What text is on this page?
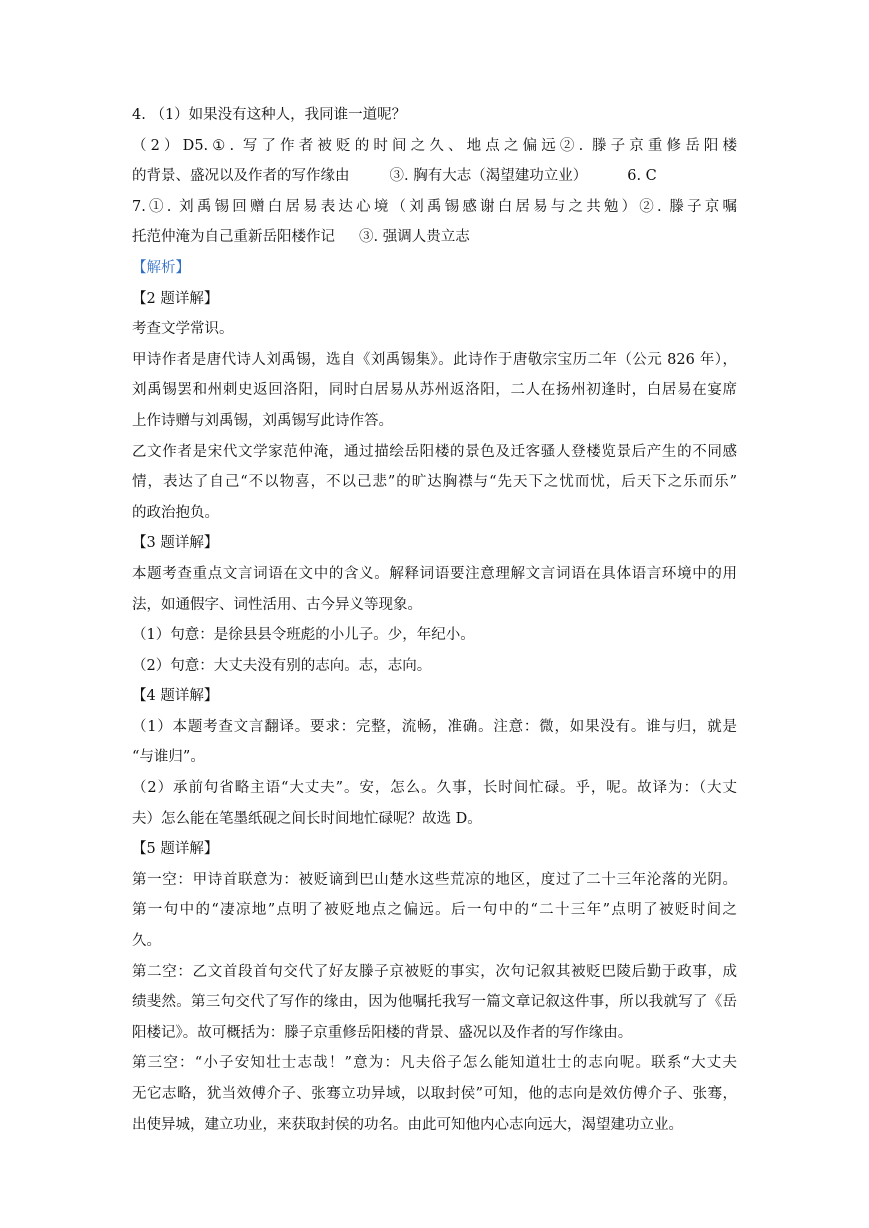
4. （1）如果没有这种人，我同谁一道呢？

（2）D5.①. 写了作者被贬的时间之久、地点之偏远②. 滕子京重修岳阳楼

的背景、盛况以及作者的写作缘由	③. 胸有大志（渴望建功立业）	6. C

7.①. 刘禹锡回赠白居易表达心境（刘禹锡感谢白居易与之共勉）②. 滕子京嘱

托范仲淹为自己重新岳阳楼作记 ③. 强调人贵立志

【解析】

【2 题详解】

考查文学常识。

甲诗作者是唐代诗人刘禹锡，选自《刘禹锡集》。此诗作于唐敬宗宝历二年（公元 826 年），

刘禹锡罢和州刺史返回洛阳，同时白居易从苏州返洛阳，二人在扬州初逢时，白居易在宴席

上作诗赠与刘禹锡，刘禹锡写此诗作答。

乙文作者是宋代文学家范仲淹，通过描绘岳阳楼的景色及迁客骚人登楼览景后产生的不同感

情，表达了自己“不以物喜，不以己悲”的旷达胸襟与“先天下之忧而忧，后天下之乐而乐”

的政治抱负。

【3 题详解】

本题考查重点文言词语在文中的含义。解释词语要注意理解文言词语在具体语言环境中的用

法，如通假字、词性活用、古今异义等现象。

（1）句意：是徐县县令班彪的小儿子。少，年纪小。

（2）句意：大丈夫没有别的志向。志，志向。

【4 题详解】

（1）本题考查文言翻译。要求：完整，流畅，准确。注意：微，如果没有。谁与归，就是

“与谁归”。

（2）承前句省略主语“大丈夫”。安，怎么。久事，长时间忙碌。乎，呢。故译为：（大丈

夫）怎么能在笔墨纸砚之间长时间地忙碌呢？故选 D。

【5 题详解】

第一空：甲诗首联意为：被贬谪到巴山楚水这些荒凉的地区，度过了二十三年沦落的光阴。

第一句中的“凄凉地”点明了被贬地点之偏远。后一句中的“二十三年”点明了被贬时间之

久。

第二空：乙文首段首句交代了好友滕子京被贬的事实，次句记叙其被贬巴陵后勤于政事，成

绩斐然。第三句交代了写作的缘由，因为他嘱托我写一篇文章记叙这件事，所以我就写了《岳

阳楼记》。故可概括为：滕子京重修岳阳楼的背景、盛况以及作者的写作缘由。

第三空：“小子安知壮士志哉！”意为：凡夫俗子怎么能知道壮士的志向呢。联系“大丈夫

无它志略，犹当效傅介子、张骞立功异域，以取封侯”可知，他的志向是效仿傅介子、张骞，

出使异城，建立功业，来获取封侯的功名。由此可知他内心志向远大，渴望建功立业。
